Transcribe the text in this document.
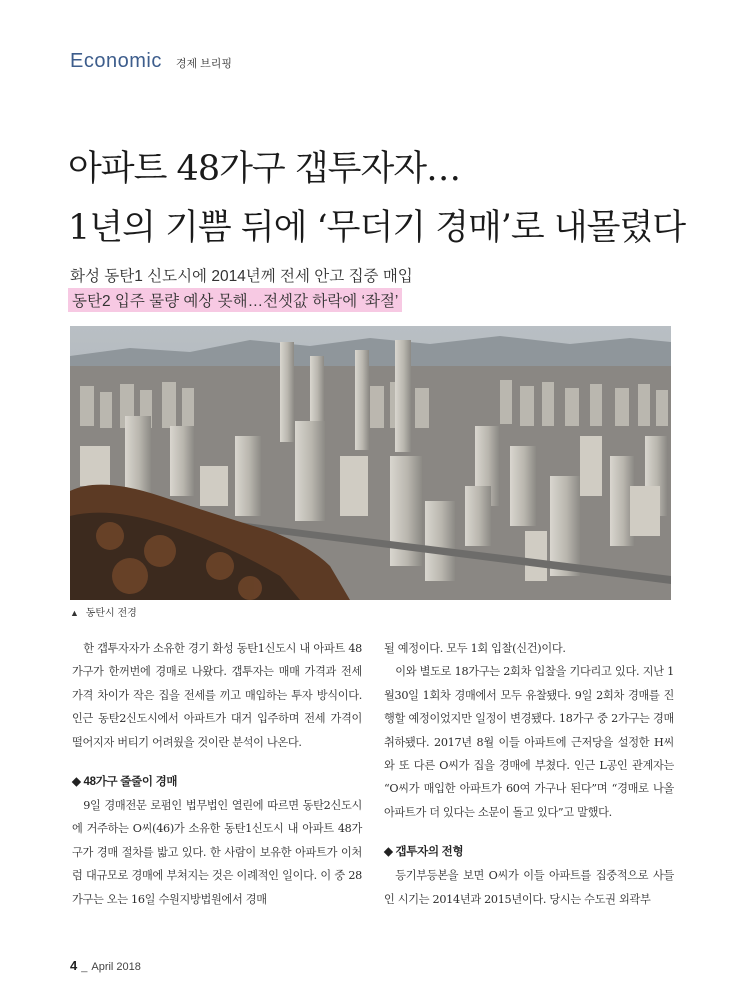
Economic 경제 브리핑
아파트 48가구 갭투자자…
1년의 기쁨 뒤에 ‘무더기 경매’로 내몰렸다
화성 동탄1 신도시에 2014년께 전세 안고 집중 매입
동탄2 입주 물량 예상 못해…전셋값 하락에 ‘좌절’
▲ 동탄시 전경

한 갭투자자가 소유한 경기 화성 동탄1신도시 내 아파트 48가구가 한꺼번에 경매로 나왔다. 갭투자는 매매 가격과 전세 가격 차이가 작은 집을 전세를 끼고 매입하는 투자 방식이다. 인근 동탄2신도시에서 아파트가 대거 입주하며 전세 가격이 떨어지자 버티기 어려웠을 것이란 분석이 나온다.

◆ 48가구 줄줄이 경매

9일 경매전문 로펌인 법무법인 열린에 따르면 동탄2신도시에 거주하는 O씨(46)가 소유한 동탄1신도시 내 아파트 48가구가 경매 절차를 밟고 있다. 한 사람이 보유한 아파트가 이처럼 대규모로 경매에 부쳐지는 것은 이례적인 일이다. 이 중 28가구는 오는 16일 수원지방법원에서 경매

될 예정이다. 모두 1회 입찰(신건)이다.

이와 별도로 18가구는 2회차 입찰을 기다리고 있다. 지난 1월30일 1회차 경매에서 모두 유찰됐다. 9일 2회차 경매를 진행할 예정이었지만 일정이 변경됐다. 18가구 중 2가구는 경매 취하됐다. 2017년 8월 이들 아파트에 근저당을 설정한 H씨와 또 다른 O씨가 집을 경매에 부쳤다. 인근 L공인 관계자는 “O씨가 매입한 아파트가 60여 가구나 된다”며 “경매로 나올 아파트가 더 있다는 소문이 돌고 있다”고 말했다.

◆ 갭투자의 전형

등기부등본을 보면 O씨가 이들 아파트를 집중적으로 사들인 시기는 2014년과 2015년이다. 당시는 수도권 외곽부

4 _ April 2018
